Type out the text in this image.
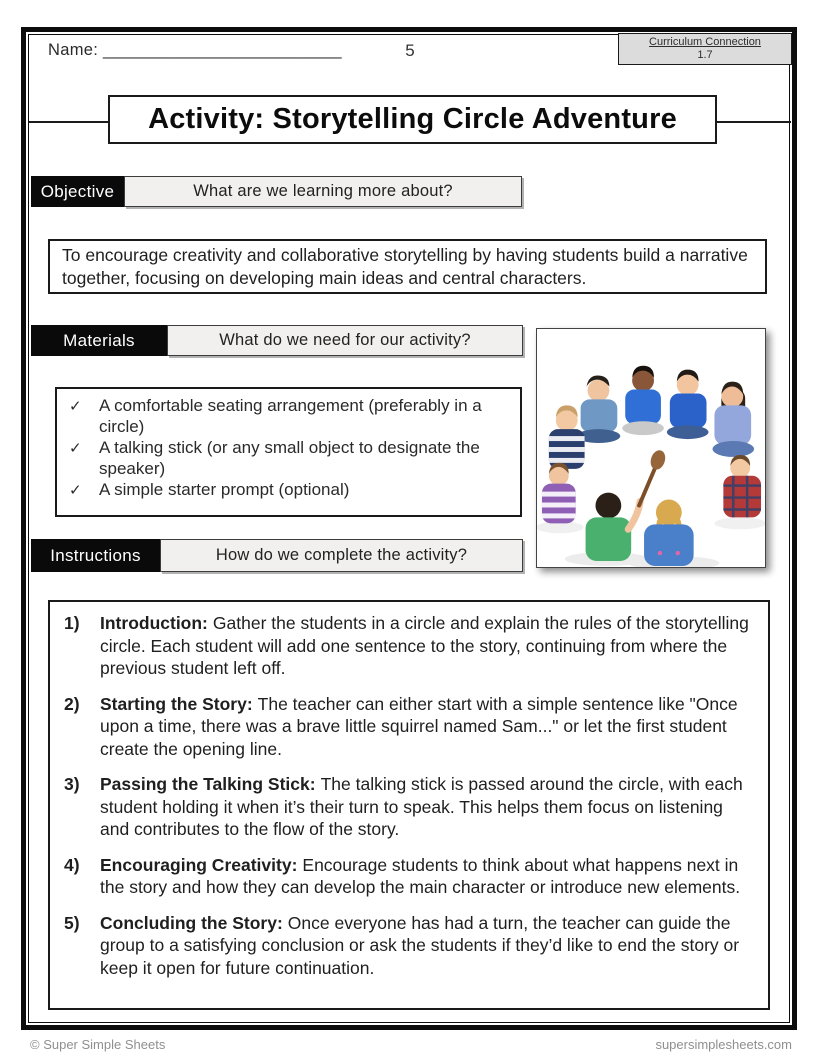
Name: __________________________	5	Curriculum Connection
1.7
Activity: Storytelling Circle Adventure
Objective	What are we learning more about?
To encourage creativity and collaborative storytelling by having students build a narrative together, focusing on developing main ideas and central characters.
Materials	What do we need for our activity?
✓	A comfortable seating arrangement (preferably in a circle)
✓	A talking stick (or any small object to designate the speaker)
✓	A simple starter prompt (optional)
Instructions	How do we complete the activity?
1)	Introduction: Gather the students in a circle and explain the rules of the storytelling circle. Each student will add one sentence to the story, continuing from where the previous student left off.
2)	Starting the Story: The teacher can either start with a simple sentence like "Once upon a time, there was a brave little squirrel named Sam..." or let the first student create the opening line.
3)	Passing the Talking Stick: The talking stick is passed around the circle, with each student holding it when it’s their turn to speak. This helps them focus on listening and contributes to the flow of the story.
4)	Encouraging Creativity: Encourage students to think about what happens next in the story and how they can develop the main character or introduce new elements.
5)	Concluding the Story: Once everyone has had a turn, the teacher can guide the group to a satisfying conclusion or ask the students if they’d like to end the story or keep it open for future continuation.
© Super Simple Sheets	supersimplesheets.com
